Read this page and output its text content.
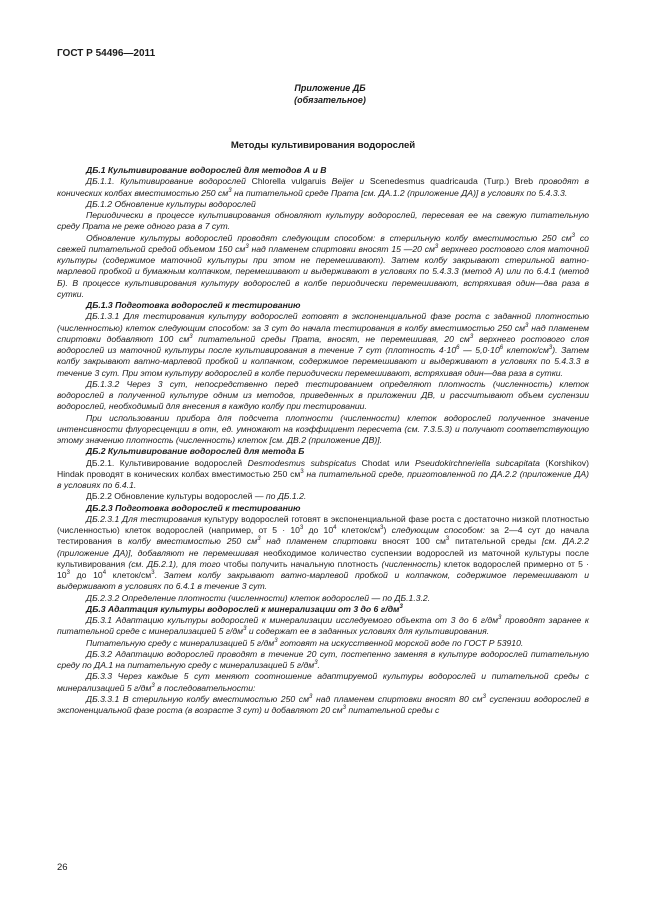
ГОСТ Р 54496—2011
Приложение ДБ
(обязательное)
Методы культивирования водорослей

ДБ.1 Культивирование водорослей для методов А и В

ДБ.1.1. Культивирование водорослей Chlorella vulgaruis Beijer и Scenedesmus quadricauda (Turp.) Breb проводят в конических колбах вместимостью 250 $см^3$ на питательной среде Прата [см. ДА.1.2 (приложение ДА)] в условиях по 5.4.3.3.

ДБ.1.2 Обновление культуры водорослей

Периодически в процессе культивирования обновляют культуру водорослей, пересевая ее на свежую питательную среду Прата не реже одного раза в 7 сут.

Обновление культуры водорослей проводят следующим способом: в стерильную колбу вместимостью 250 $см^3$ со свежей питательной средой объемом 150 $см^3$ над пламенем спиртовки вносят 15 —20 $см^3$ верхнего ростового слоя маточной культуры (содержимое маточной культуры при этом не перемешивают). Затем колбу закрывают стерильной ватно-марлевой пробкой и бумажным колпачком, перемешивают и выдерживают в условиях по 5.4.3.3 (метод А) или по 6.4.1 (метод Б). В процессе культивирования культуру водорослей в колбе периодически перемешивают, встряхивая один—два раза в сутки.

ДБ.1.3 Подготовка водорослей к тестированию

ДБ.1.3.1 Для тестирования культуру водорослей готовят в экспоненциальной фазе роста с заданной плотностью (численностью) клеток следующим способом: за 3 сут до начала тестирования в колбу вместимостью 250 $см^3$ над пламенем спиртовки добавляют 100 $см^3$ питательной среды Прата, вносят, не перемешивая, 20 $см^3$ верхнего ростового слоя водорослей из маточной культуры после культивирования в течение 7 сут (плотность $4\cdot 10^6$ — $5,0\cdot 10^6$ клеток/$см^3$). Затем колбу закрывают ватно-марлевой пробкой и колпачком, содержимое перемешивают и выдерживают в условиях по 5.4.3.3 в течение 3 сут. При этом культуру водорослей в колбе периодически перемешивают, встряхивая один—два раза в сутки.

ДБ.1.3.2 Через 3 сут, непосредственно перед тестированием определяют плотность (численность) клеток водорослей в полученной культуре одним из методов, приведенных в приложении ДВ, и рассчитывают объем суспензии водорослей, необходимый для внесения в каждую колбу при тестировании.

При использовании прибора для подсчета плотности (численности) клеток водорослей полученное значение интенсивности флуоресценции в отн, ед. умножают на коэффициент пересчета (см. 7.3.5.3) и получают соответствующую этому значению плотность (численность) клеток [см. ДВ.2 (приложение ДВ)].

ДБ.2 Культивирование водорослей для метода Б

ДБ.2.1. Культивирование водорослей Desmodesmus subspicatus Chodat или Pseudokirchneriella subcapitata (Korshikov) Hindak проводят в конических колбах вместимостью 250 $см^3$ на питательной среде, приготовленной по ДА.2.2 (приложение ДА) в условиях по 6.4.1.

ДБ.2.2 Обновление культуры водорослей — по ДБ.1.2.

ДБ.2.3 Подготовка водорослей к тестированию

ДБ.2.3.1 Для тестирования культуру водорослей готовят в экспоненциальной фазе роста с достаточно низкой плотностью (численностью) клеток водорослей (например, от $5 \cdot 10^3$ до $10^4$ клеток/$см^3$) следующим способом: за 2—4 сут до начала тестирования в колбу вместимостью 250 $см^3$ над пламенем спиртовки вносят 100 $см^3$ питательной среды [см. ДА.2.2 (приложение ДА)], добавляют не перемешивая необходимое количество суспензии водорослей из маточной культуры после культивирования (см. ДБ.2.1), для того чтобы получить начальную плотность (численность) клеток водорослей примерно от $5 \cdot 10^3$ до $10^4$ клеток/$см^3$. Затем колбу закрывают ватно-марлевой пробкой и колпачком, содержимое перемешивают и выдерживают в условиях по 6.4.1 в течение 3 сут.

ДБ.2.3.2 Определение плотности (численности) клеток водорослей — по ДБ.1.3.2.

ДБ.3 Адаптация культуры водорослей к минерализации от 3 до 6 $г/дм^3$

ДБ.3.1 Адаптацию культуры водорослей к минерализации исследуемого объекта от 3 до 6 $г/дм^3$ проводят заранее к питательной среде с минерализацией 5 $г/дм^3$ и содержат ее в заданных условиях для культивирования.

Питательную среду с минерализацией 5 $г/дм^3$ готовят на искусственной морской воде по ГОСТ Р 53910.

ДБ.3.2 Адаптацию водорослей проводят в течение 20 сут, постепенно заменяя в культуре водорослей питательную среду по ДА.1 на питательную среду с минерализацией 5 $г/дм^3$.

ДБ.3.3 Через каждые 5 сут меняют соотношение адаптируемой культуры водорослей и питательной среды с минерализацией 5 $г/дм^3$ в последовательности:

ДБ.3.3.1 В стерильную колбу вместимостью 250 $см^3$ над пламенем спиртовки вносят 80 $см^3$ суспензии водорослей в экспоненциальной фазе роста (в возрасте 3 сут) и добавляют 20 $см^3$ питательной среды с

26
